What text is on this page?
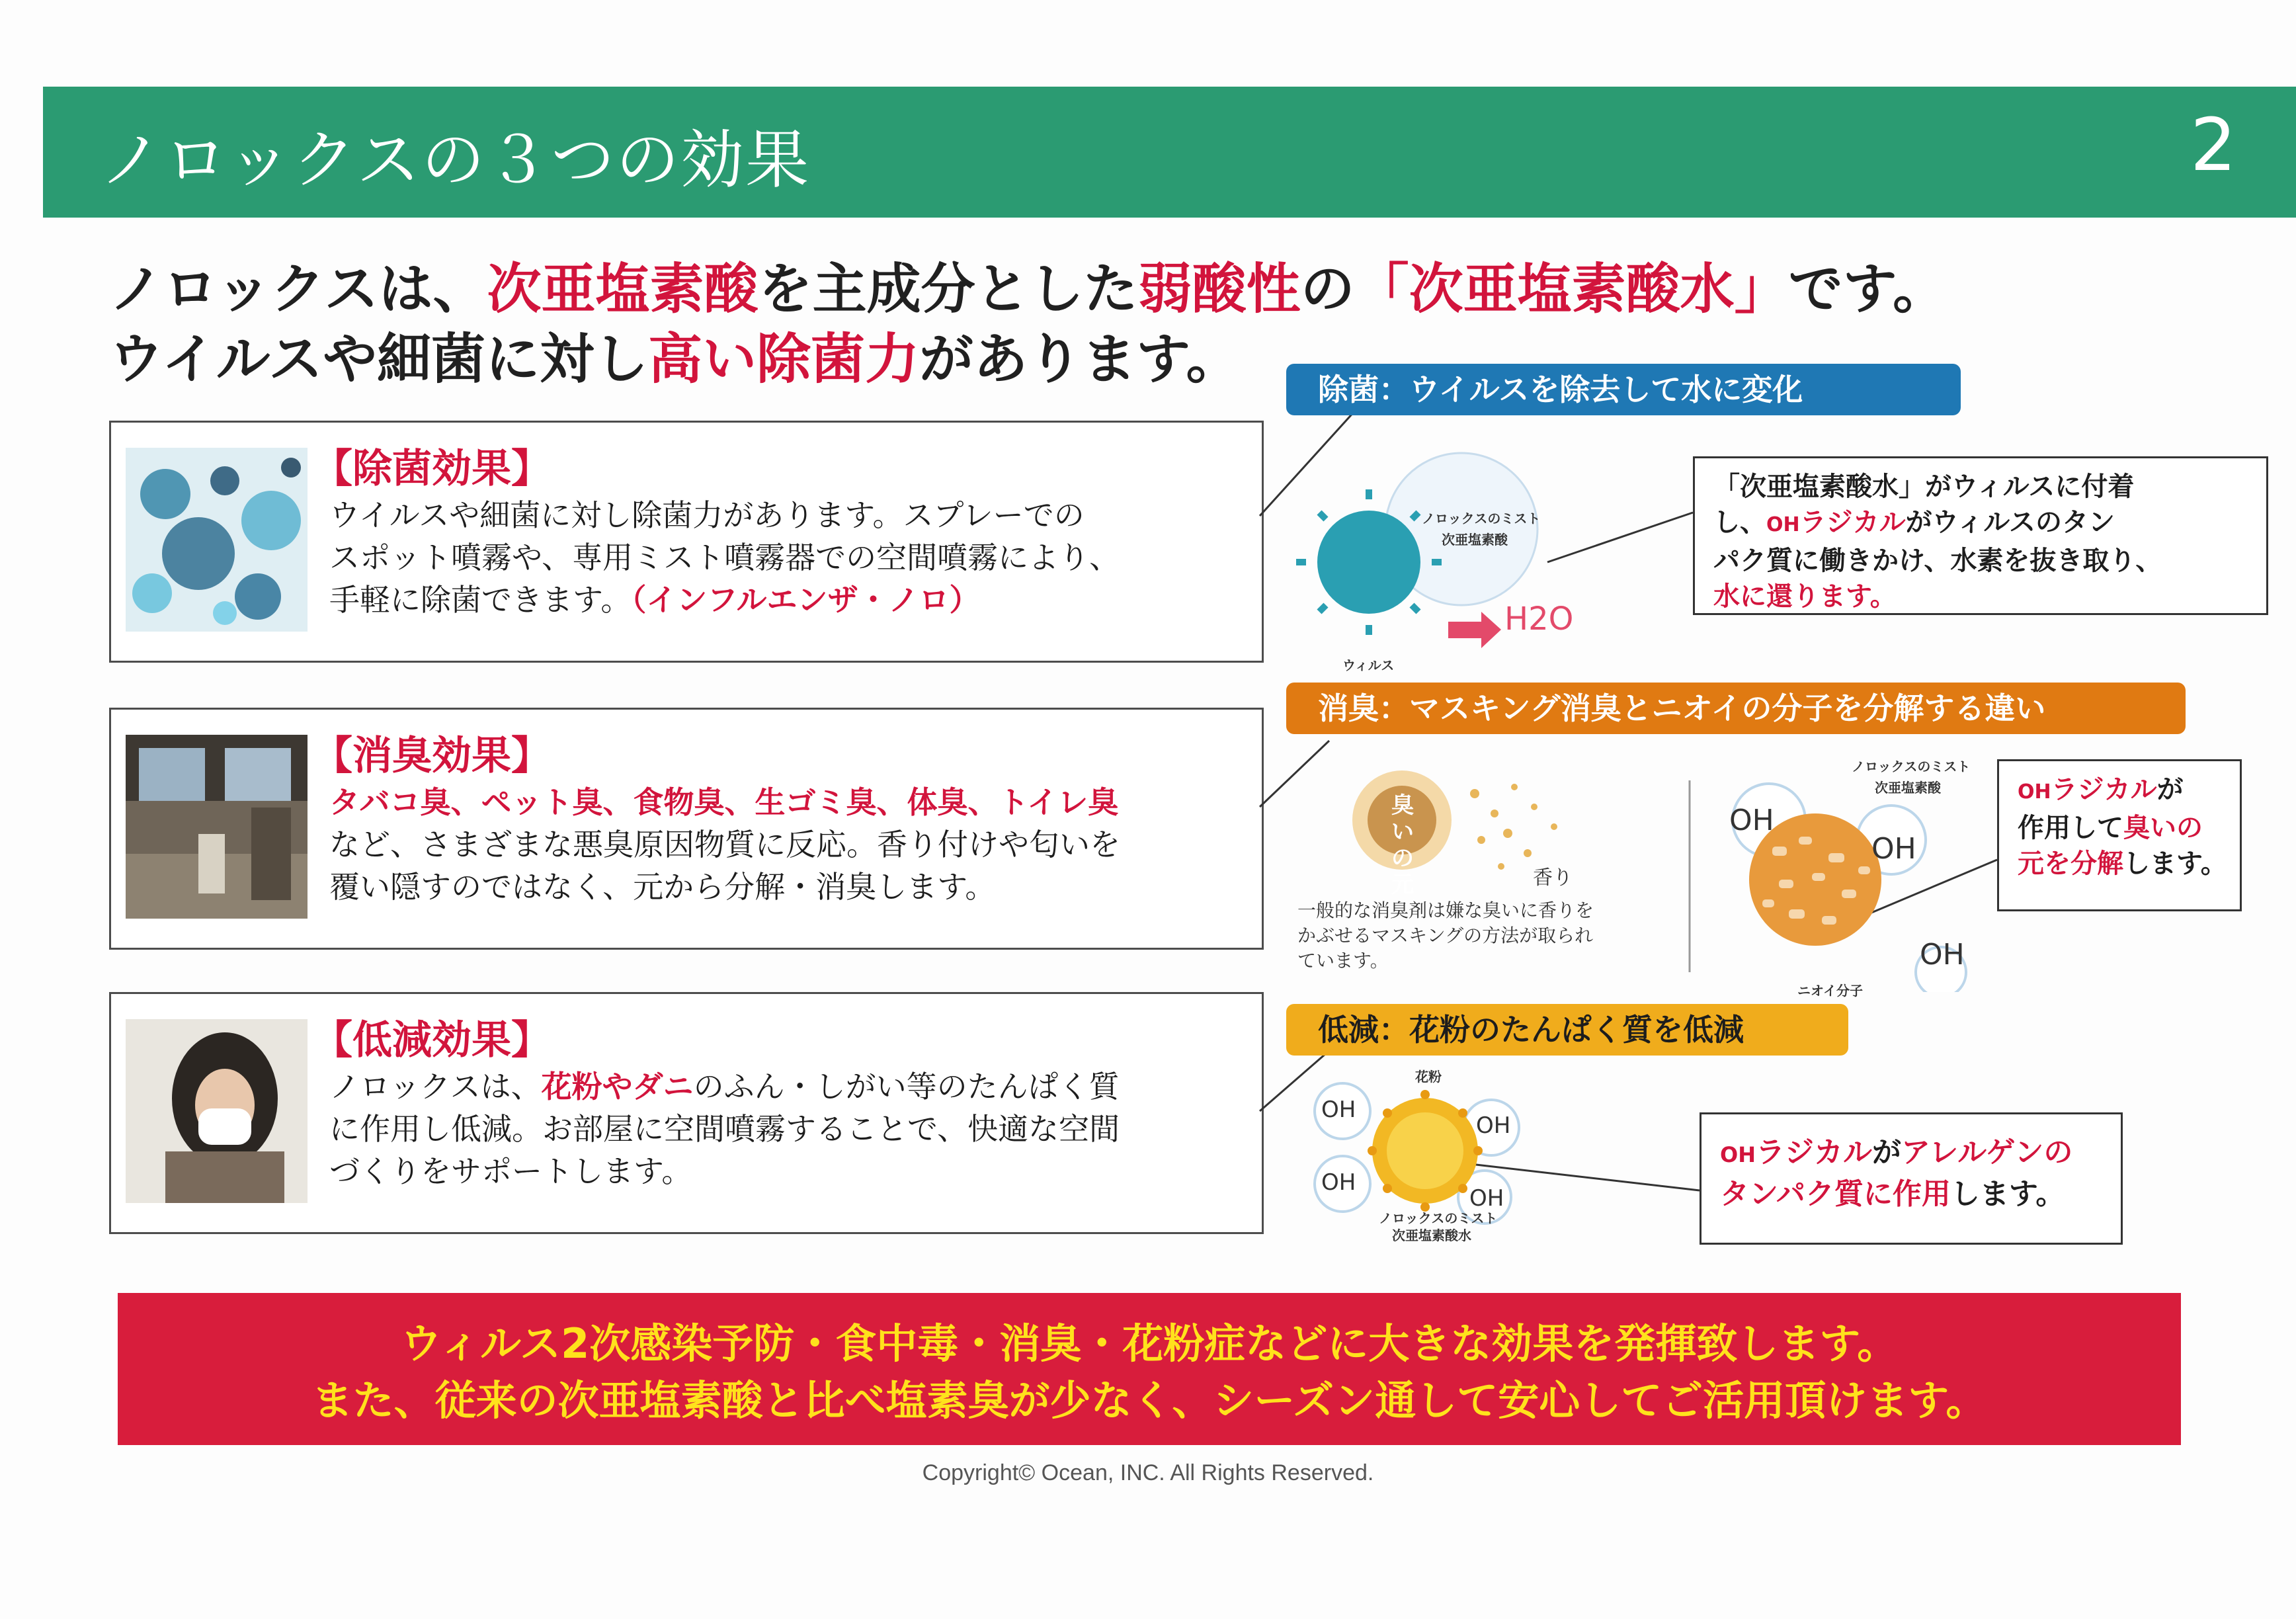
ノロックスの３つの効果	2
ノロックスは、次亜塩素酸を主成分とした弱酸性の「次亜塩素酸水」です。
ウイルスや細菌に対し高い除菌力があります。
【除菌効果】
ウイルスや細菌に対し除菌力があります。スプレーでの
スポット噴霧や、専用ミスト噴霧器での空間噴霧により、
手軽に除菌できます。（インフルエンザ・ノロ）
【消臭効果】
タバコ臭、ペット臭、食物臭、生ゴミ臭、体臭、トイレ臭
など、さまざまな悪臭原因物質に反応。香り付けや匂いを
覆い隠すのではなく、元から分解・消臭します。
【低減効果】
ノロックスは、花粉やダニのふん・しがい等のたんぱく質
に作用し低減。お部屋に空間噴霧することで、快適な空間
づくりをサポートします。
除菌：ウイルスを除去して水に変化
消臭：マスキング消臭とニオイの分子を分解する違い
低減：花粉のたんぱく質を低減
ノロックスのミスト
次亜塩素酸
H2O
ウィルス
「次亜塩素酸水」がウィルスに付着
し、OHラジカルがウィルスのタン
パク質に働きかけ、水素を抜き取り、
水に還ります。
臭い
の元	香り
一般的な消臭剤は嫌な臭いに香りを
かぶせるマスキングの方法が取られ
ています。
ノロックスのミスト
次亜塩素酸
OH
OH
OH
ニオイ分子
OHラジカルが
作用して臭いの
元を分解します。
花粉
OH
OH
OH
OH
ノロックスのミスト
次亜塩素酸水
OHラジカルがアレルゲンの
タンパク質に作用します。
ウィルス2次感染予防・食中毒・消臭・花粉症などに大きな効果を発揮致します。
また、従来の次亜塩素酸と比べ塩素臭が少なく、シーズン通して安心してご活用頂けます。
Copyright© Ocean, INC. All Rights Reserved.
